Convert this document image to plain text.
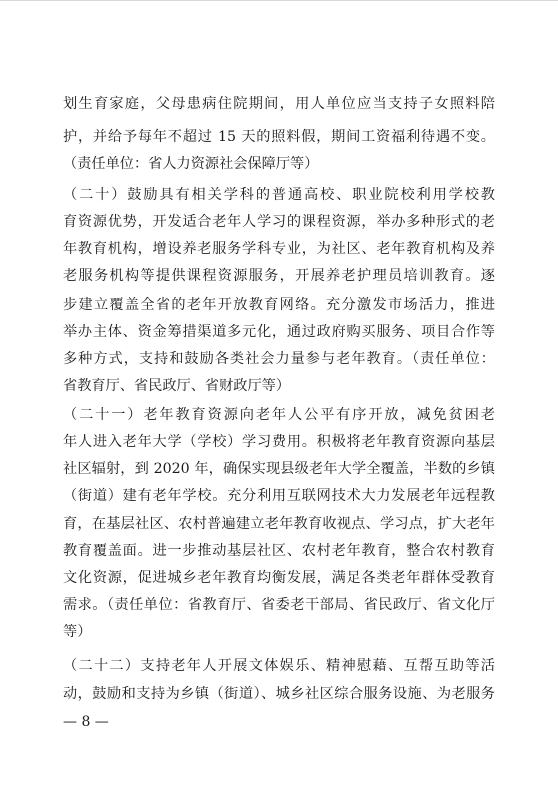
划生育家庭，父母患病住院期间，用人单位应当支持子女照料陪
护，并给予每年不超过 15 天的照料假，期间工资福利待遇不变。
（责任单位：省人力资源社会保障厅等）
（二十）鼓励具有相关学科的普通高校、职业院校利用学校教
育资源优势，开发适合老年人学习的课程资源，举办多种形式的老
年教育机构，增设养老服务学科专业，为社区、老年教育机构及养
老服务机构等提供课程资源服务，开展养老护理员培训教育。逐
步建立覆盖全省的老年开放教育网络。充分激发市场活力，推进
举办主体、资金筹措渠道多元化，通过政府购买服务、项目合作等
多种方式，支持和鼓励各类社会力量参与老年教育。（责任单位：
省教育厅、省民政厅、省财政厅等）
（二十一）老年教育资源向老年人公平有序开放，减免贫困老
年人进入老年大学（学校）学习费用。积极将老年教育资源向基层
社区辐射，到 2020 年，确保实现县级老年大学全覆盖，半数的乡镇
（街道）建有老年学校。充分利用互联网技术大力发展老年远程教
育，在基层社区、农村普遍建立老年教育收视点、学习点，扩大老年
教育覆盖面。进一步推动基层社区、农村老年教育，整合农村教育
文化资源，促进城乡老年教育均衡发展，满足各类老年群体受教育
需求。（责任单位：省教育厅、省委老干部局、省民政厅、省文化厅
等）
（二十二）支持老年人开展文体娱乐、精神慰藉、互帮互助等活
动，鼓励和支持为乡镇（街道）、城乡社区综合服务设施、为老服务
— 8 —
